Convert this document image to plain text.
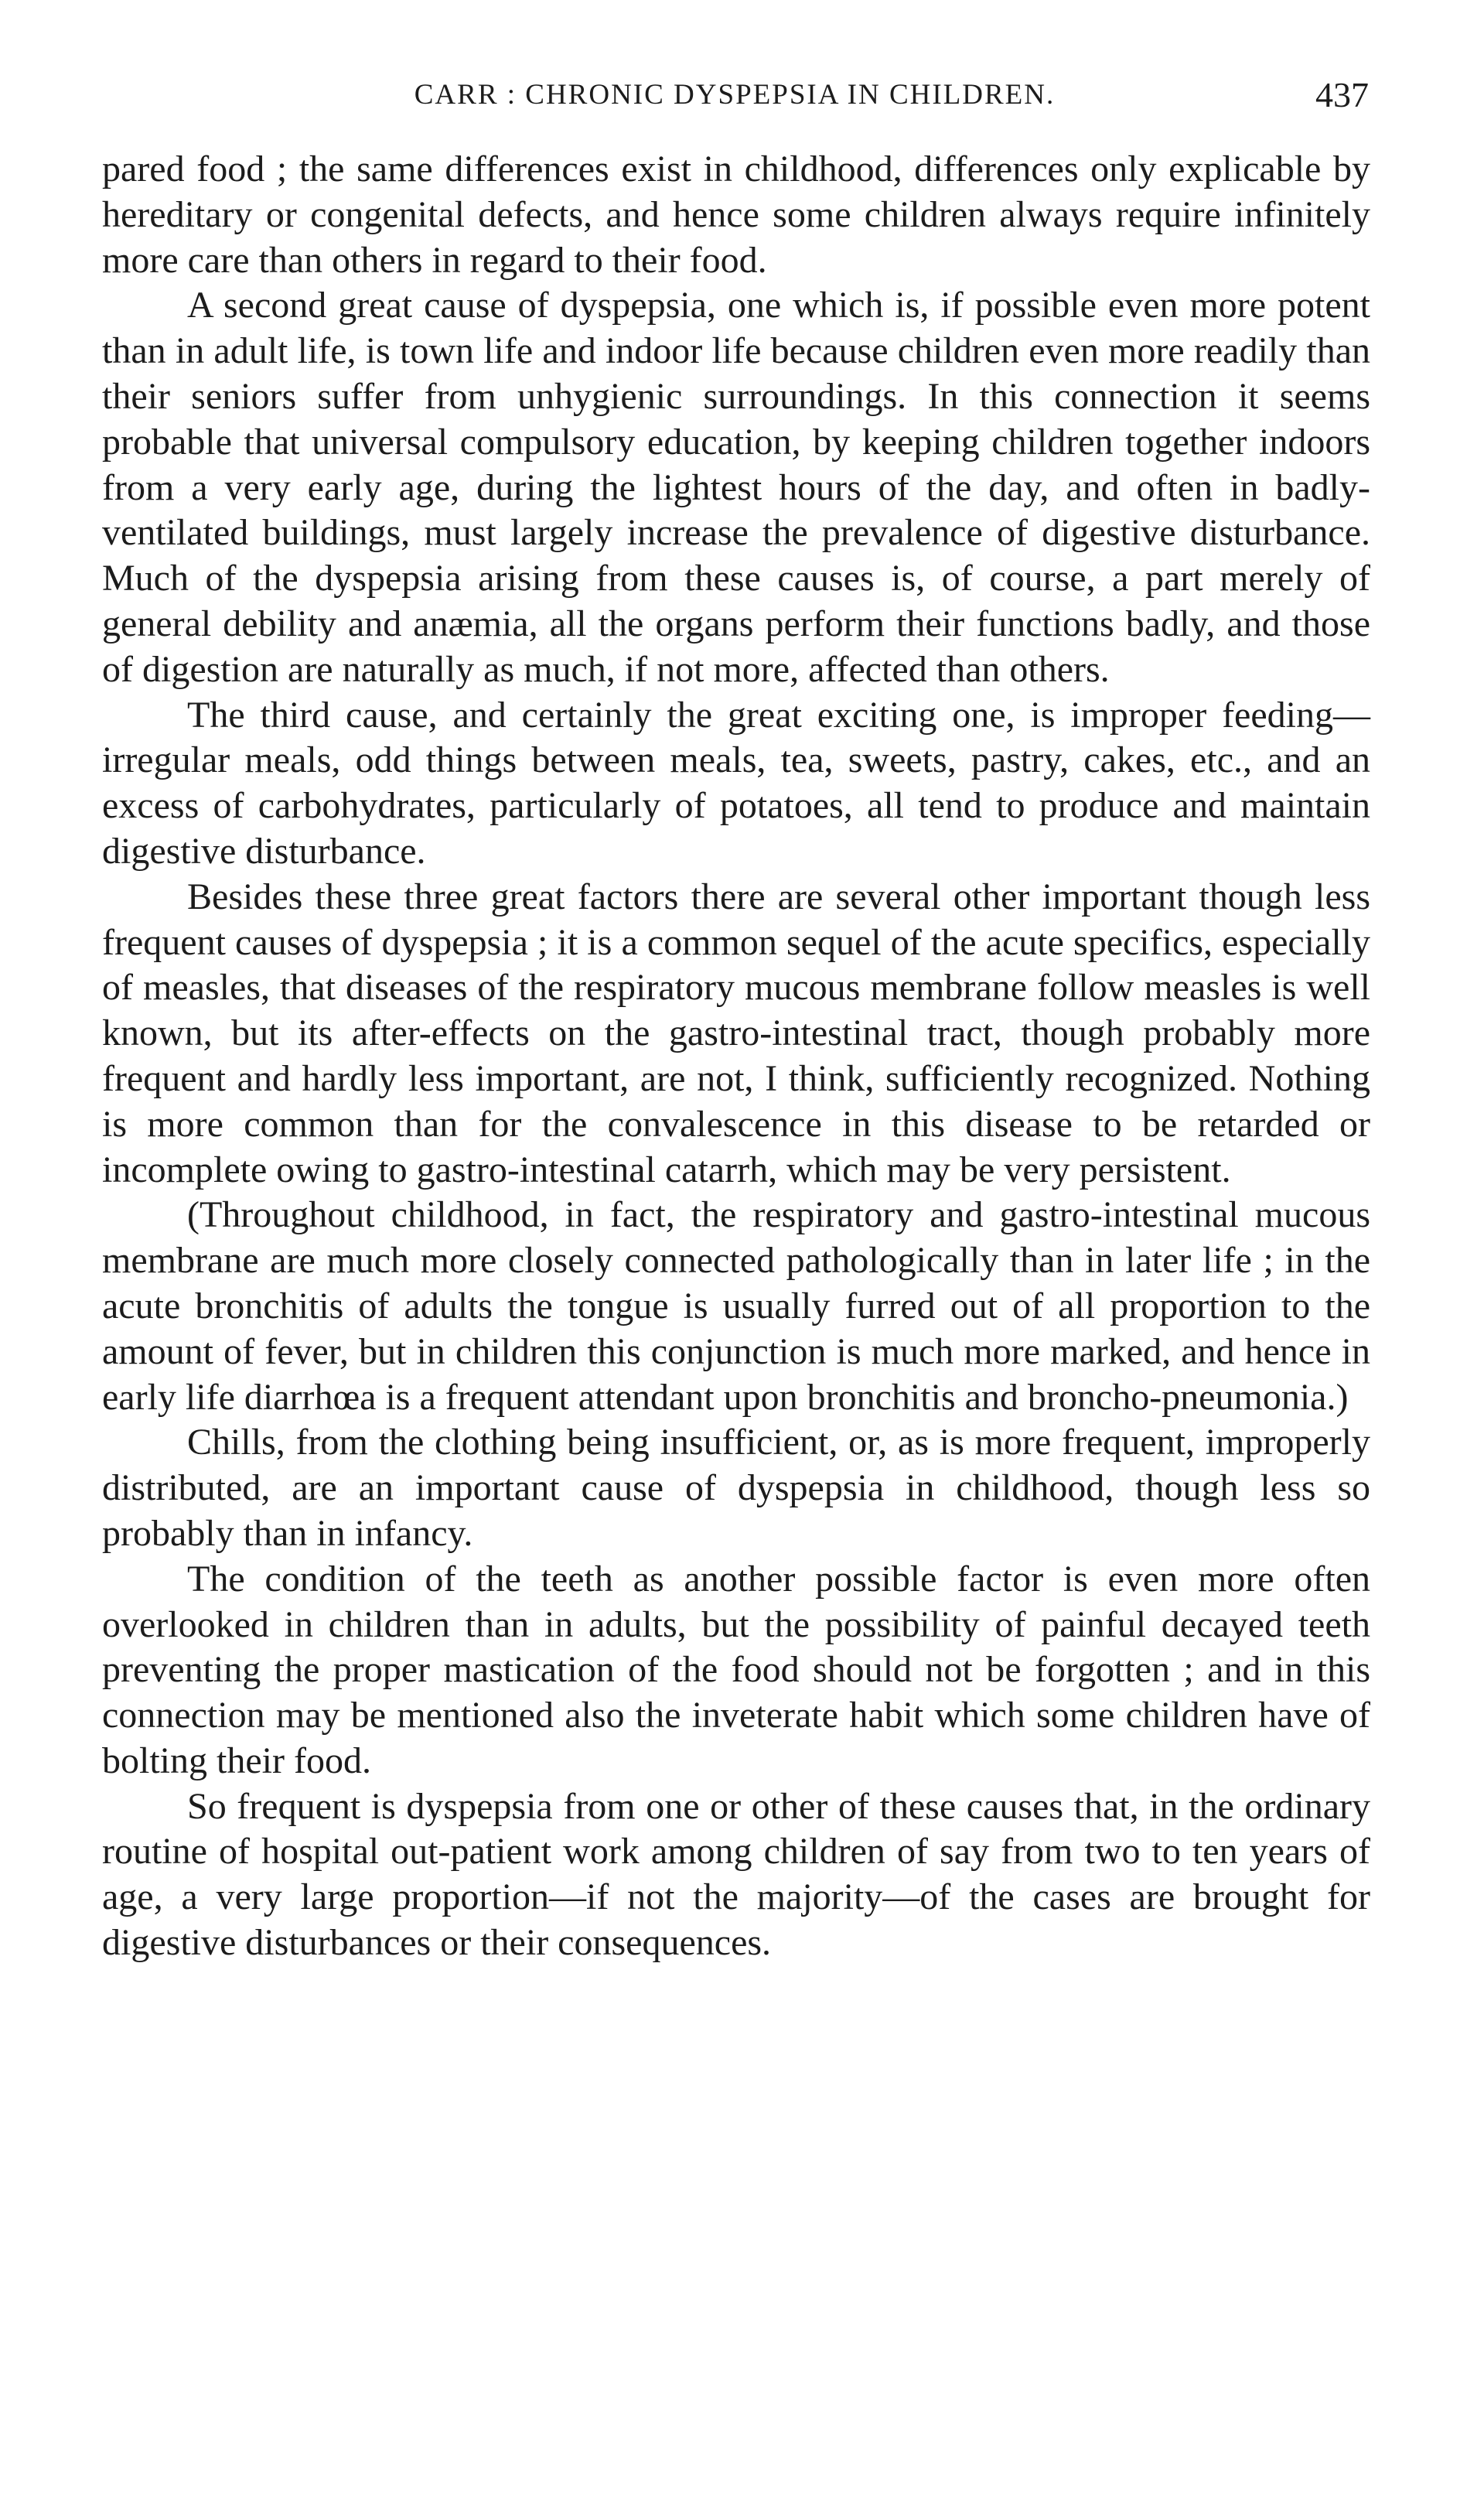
CARR : CHRONIC DYSPEPSIA IN CHILDREN.	437

pared food ; the same differences exist in childhood, differences only explicable by hereditary or congenital defects, and hence some children always require infinitely more care than others in regard to their food.

A second great cause of dyspepsia, one which is, if possible even more potent than in adult life, is town life and indoor life because children even more readily than their seniors suffer from unhygienic surroundings. In this connection it seems probable that universal compulsory education, by keeping children together indoors from a very early age, during the lightest hours of the day, and often in badly-ventilated buildings, must largely increase the prevalence of digestive disturbance. Much of the dyspepsia arising from these causes is, of course, a part merely of general debility and anæmia, all the organs perform their functions badly, and those of digestion are naturally as much, if not more, affected than others.

The third cause, and certainly the great exciting one, is improper feeding—irregular meals, odd things between meals, tea, sweets, pastry, cakes, etc., and an excess of carbohydrates, particularly of potatoes, all tend to produce and maintain digestive disturbance.

Besides these three great factors there are several other important though less frequent causes of dyspepsia ; it is a common sequel of the acute specifics, especially of measles, that diseases of the respiratory mucous membrane follow measles is well known, but its after-effects on the gastro-intestinal tract, though probably more frequent and hardly less important, are not, I think, sufficiently recognized. Nothing is more common than for the convalescence in this disease to be retarded or incomplete owing to gastro-intestinal catarrh, which may be very persistent.

(Throughout childhood, in fact, the respiratory and gastro-intestinal mucous membrane are much more closely connected pathologically than in later life ; in the acute bronchitis of adults the tongue is usually furred out of all proportion to the amount of fever, but in children this conjunction is much more marked, and hence in early life diarrhœa is a frequent attendant upon bronchitis and broncho-pneumonia.)

Chills, from the clothing being insufficient, or, as is more frequent, improperly distributed, are an important cause of dyspepsia in childhood, though less so probably than in infancy.

The condition of the teeth as another possible factor is even more often overlooked in children than in adults, but the possibility of painful decayed teeth preventing the proper mastication of the food should not be forgotten ; and in this connection may be mentioned also the inveterate habit which some children have of bolting their food.

So frequent is dyspepsia from one or other of these causes that, in the ordinary routine of hospital out-patient work among children of say from two to ten years of age, a very large proportion—if not the majority—of the cases are brought for digestive disturbances or their consequences.
